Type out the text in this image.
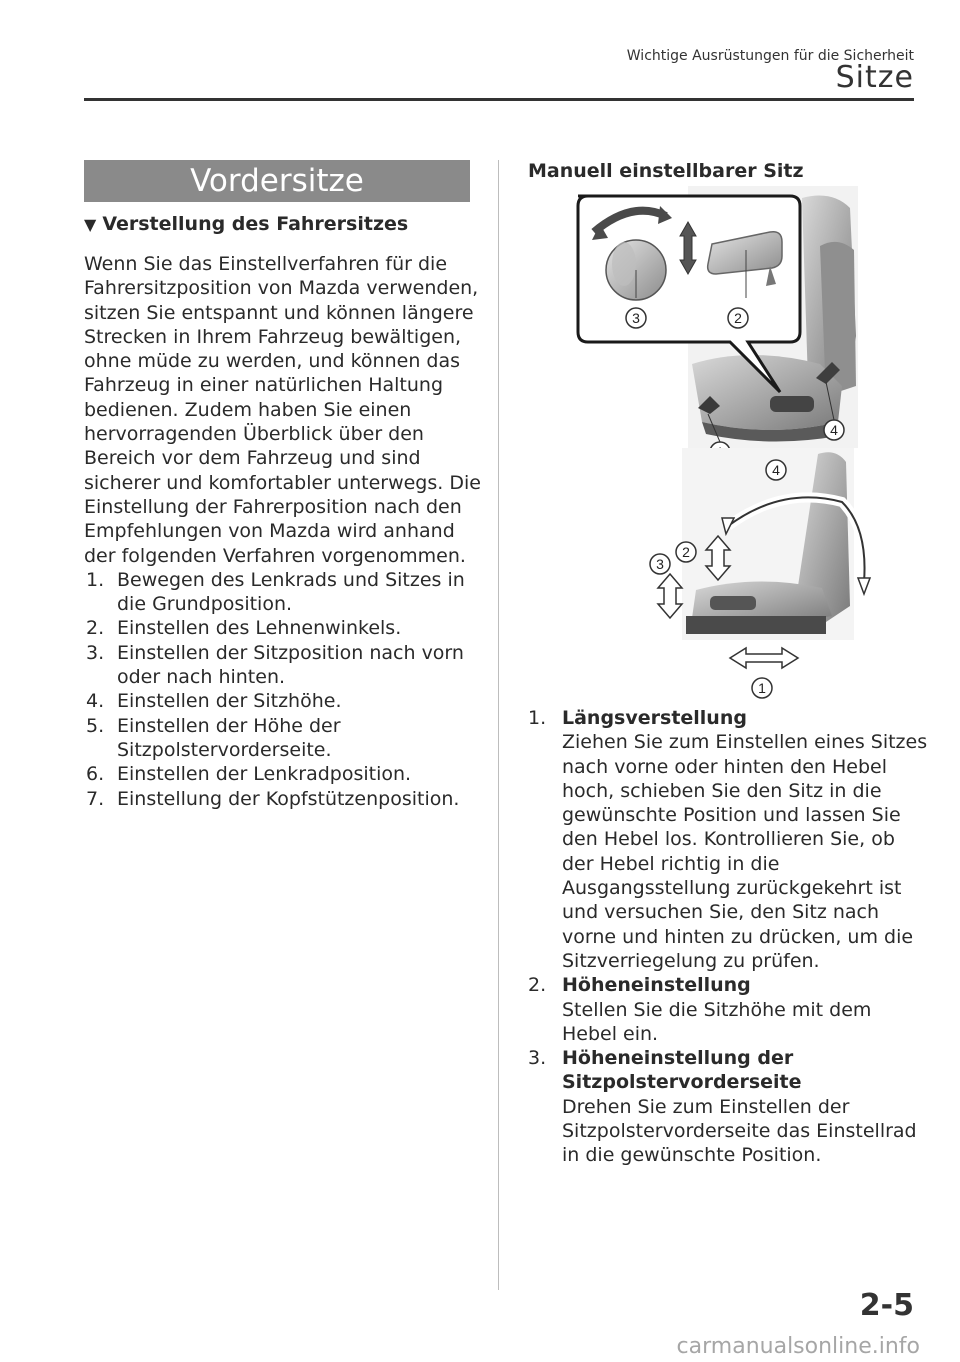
Wichtige Ausrüstungen für die Sicherheit
Sitze
Vordersitze
▼ Verstellung des Fahrersitzes

Wenn Sie das Einstellverfahren für die Fahrersitzposition von Mazda verwenden, sitzen Sie entspannt und können längere Strecken in Ihrem Fahrzeug bewältigen, ohne müde zu werden, und können das Fahrzeug in einer natürlichen Haltung bedienen. Zudem haben Sie einen hervorragenden Überblick über den Bereich vor dem Fahrzeug und sind sicherer und komfortabler unterwegs. Die Einstellung der Fahrerposition nach den Empfehlungen von Mazda wird anhand der folgenden Verfahren vorgenommen.

1. Bewegen des Lenkrads und Sitzes in die Grundposition.
2. Einstellen des Lehnenwinkels.
3. Einstellen der Sitzposition nach vorn oder nach hinten.
4. Einstellen der Sitzhöhe.
5. Einstellen der Höhe der Sitzpolstervorderseite.
6. Einstellen der Lenkradposition.
7. Einstellung der Kopfstützenposition.
Manuell einstellbarer Sitz
3	2
4
4
2
3
1
1. Längsverstellung
Ziehen Sie zum Einstellen eines Sitzes nach vorne oder hinten den Hebel hoch, schieben Sie den Sitz in die gewünschte Position und lassen Sie den Hebel los. Kontrollieren Sie, ob der Hebel richtig in die Ausgangsstellung zurückgekehrt ist und versuchen Sie, den Sitz nach vorne und hinten zu drücken, um die Sitzverriegelung zu prüfen.
2. Höheneinstellung
Stellen Sie die Sitzhöhe mit dem Hebel ein.
3. Höheneinstellung der Sitzpolstervorderseite
Drehen Sie zum Einstellen der Sitzpolstervorderseite das Einstellrad in die gewünschte Position.
2-5
carmanualsonline.info
